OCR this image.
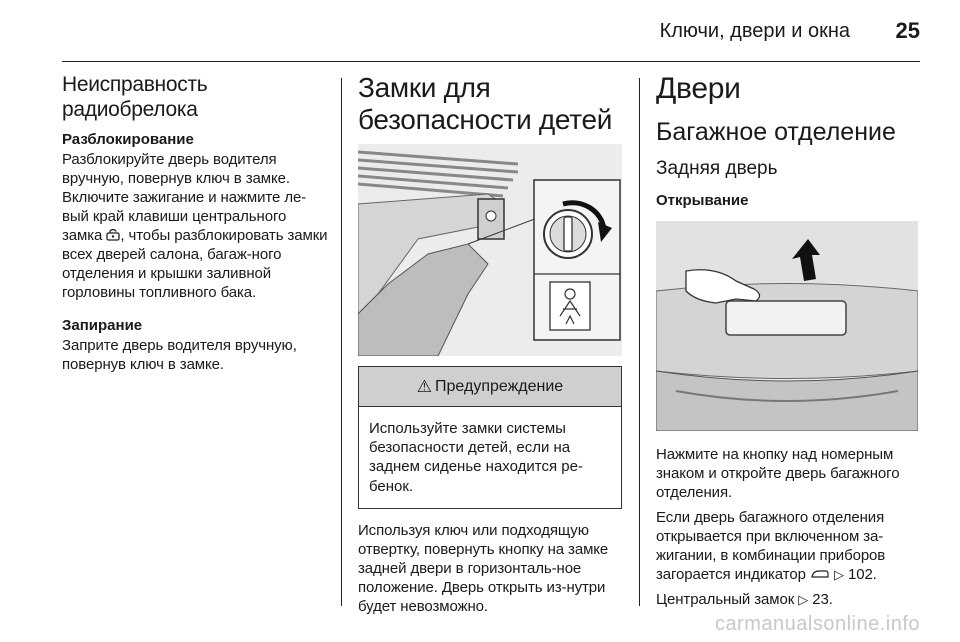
Ключи, двери и окна 25
Неисправность радиобрелока
Разблокирование
Разблокируйте дверь водителя вручную, повернув ключ в замке. Включите зажигание и нажмите ле-вый край клавиши центрального замка , чтобы разблокировать замки всех дверей салона, багаж-ного отделения и крышки заливной горловины топливного бака.
Запирание
Заприте дверь водителя вручную, повернув ключ в замке.
Замки для безопасности детей
⚠ Предупреждение
Используйте замки системы безопасности детей, если на заднем сиденье находится ре-бенок.
Используя ключ или подходящую отвертку, повернуть кнопку на замке задней двери в горизонталь-ное положение. Дверь открыть из-нутри будет невозможно.
Двери
Багажное отделение
Задняя дверь
Открывание
Нажмите на кнопку над номерным знаком и откройте дверь багажного отделения.
Если дверь багажного отделения открывается при включенном за-жигании, в комбинации приборов загорается индикатор  ▷ 102.
Центральный замок ▷ 23.
carmanualsonline.info
